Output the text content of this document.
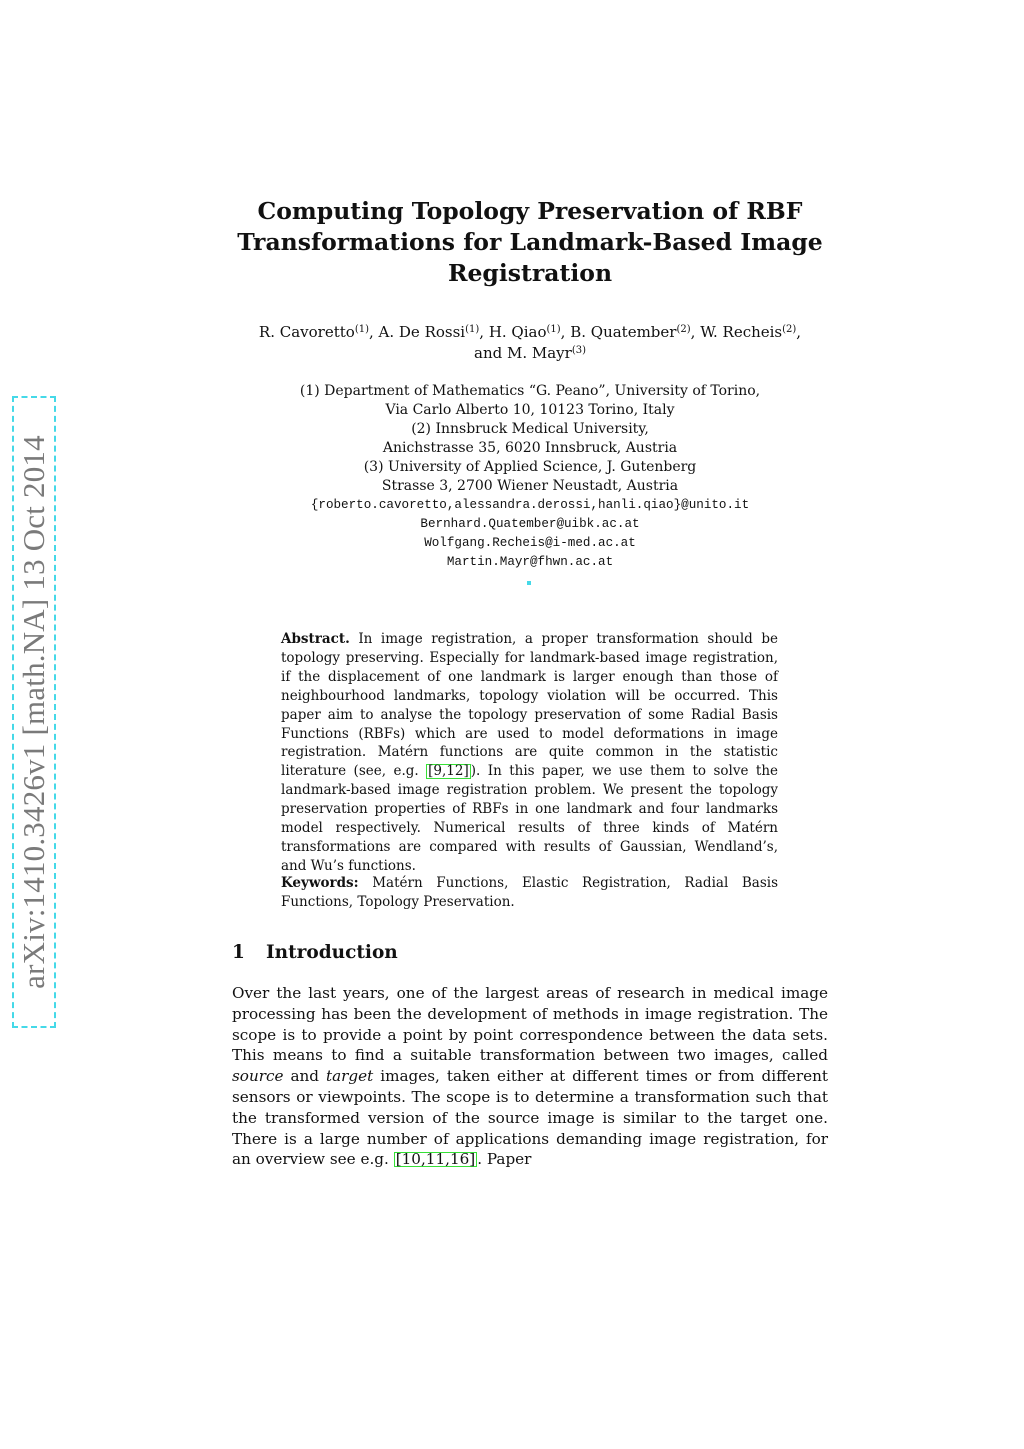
arXiv:1410.3426v1 [math.NA] 13 Oct 2014
Computing Topology Preservation of RBF Transformations for Landmark-Based Image Registration

R. Cavoretto$^{(1)}$, A. De Rossi$^{(1)}$, H. Qiao$^{(1)}$, B. Quatember$^{(2)}$, W. Recheis$^{(2)}$,
and M. Mayr$^{(3)}$

(1) Department of Mathematics “G. Peano”, University of Torino,
Via Carlo Alberto 10, 10123 Torino, Italy
(2) Innsbruck Medical University,
Anichstrasse 35, 6020 Innsbruck, Austria
(3) University of Applied Science, J. Gutenberg
Strasse 3, 2700 Wiener Neustadt, Austria
{roberto.cavoretto,alessandra.derossi,hanli.qiao}@unito.it
Bernhard.Quatember@uibk.ac.at
Wolfgang.Recheis@i-med.ac.at
Martin.Mayr@fhwn.ac.at

Abstract. In image registration, a proper transformation should be topology preserving. Especially for landmark-based image registration, if the displacement of one landmark is larger enough than those of neighbourhood landmarks, topology violation will be occurred. This paper aim to analyse the topology preservation of some Radial Basis Functions (RBFs) which are used to model deformations in image registration. Matérn functions are quite common in the statistic literature (see, e.g. [9,12] ). In this paper, we use them to solve the landmark-based image registration problem. We present the topology preservation properties of RBFs in one landmark and four landmarks model respectively. Numerical results of three kinds of Matérn transformations are compared with results of Gaussian, Wendland’s, and Wu’s functions.

Keywords: Matérn Functions, Elastic Registration, Radial Basis Functions, Topology Preservation.

1 Introduction

Over the last years, one of the largest areas of research in medical image processing has been the development of methods in image registration. The scope is to provide a point by point correspondence between the data sets. This means to find a suitable transformation between two images, called source and target images, taken either at different times or from different sensors or viewpoints. The scope is to determine a transformation such that the transformed version of the source image is similar to the target one. There is a large number of applications demanding image registration, for an overview see e.g. [10,11,16] . Paper
